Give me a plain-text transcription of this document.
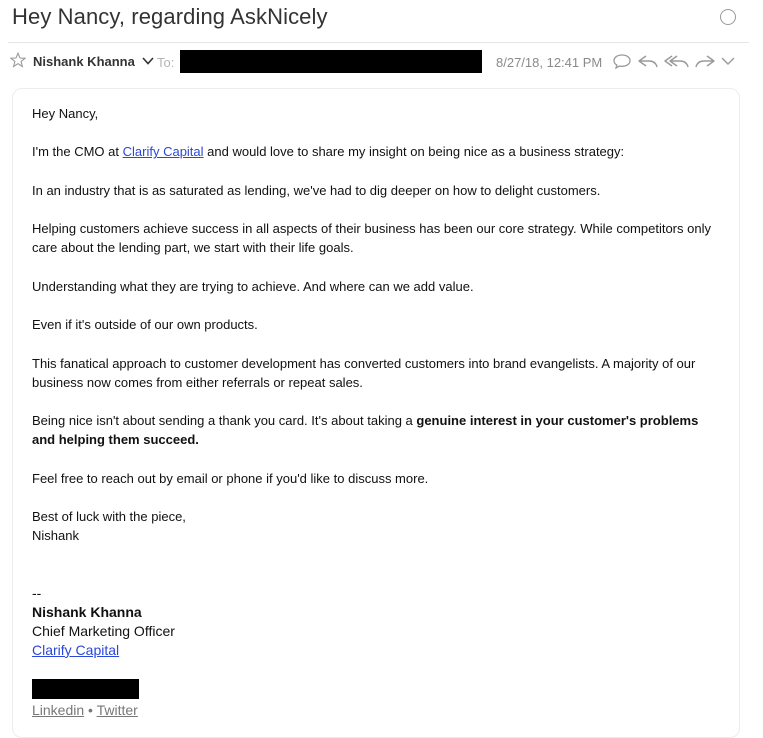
Hey Nancy, regarding AskNicely
Nishank Khanna To:	8/27/18, 12:41 PM

Hey Nancy,

I'm the CMO at Clarify Capital and would love to share my insight on being nice as a business strategy:

In an industry that is as saturated as lending, we've had to dig deeper on how to delight customers.

Helping customers achieve success in all aspects of their business has been our core strategy. While competitors only

care about the lending part, we start with their life goals.

Understanding what they are trying to achieve. And where can we add value.

Even if it's outside of our own products.

This fanatical approach to customer development has converted customers into brand evangelists. A majority of our

business now comes from either referrals or repeat sales.

Being nice isn't about sending a thank you card. It's about taking a genuine interest in your customer's problems

and helping them succeed.

Feel free to reach out by email or phone if you'd like to discuss more.

Best of luck with the piece,

Nishank

--
Nishank Khanna
Chief Marketing Officer
Clarify Capital
Linkedin • Twitter
